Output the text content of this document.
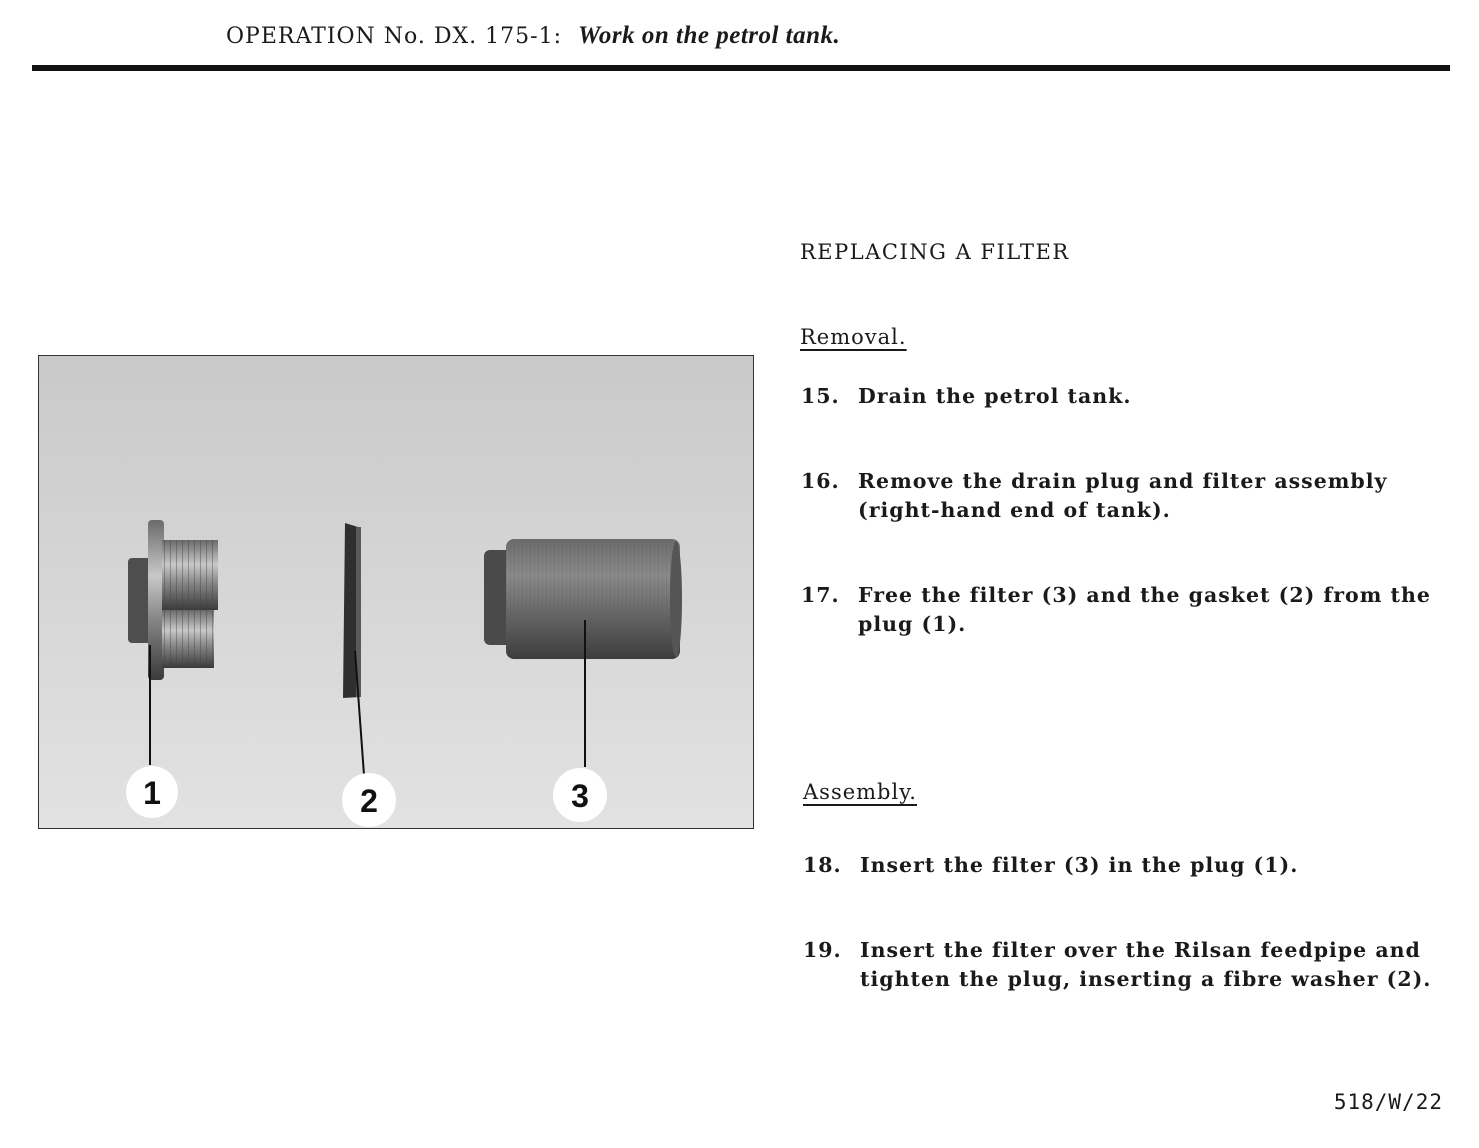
OPERATION No. DX. 175-1: Work on the petrol tank.
1	2	3
REPLACING A FILTER
Removal.
15. Drain the petrol tank.
16. Remove the drain plug and filter assembly (right-hand end of tank).
17. Free the filter (3) and the gasket (2) from the plug (1).
Assembly.
18. Insert the filter (3) in the plug (1).
19. Insert the filter over the Rilsan feedpipe and tighten the plug, inserting a fibre washer (2).
518/W/22
